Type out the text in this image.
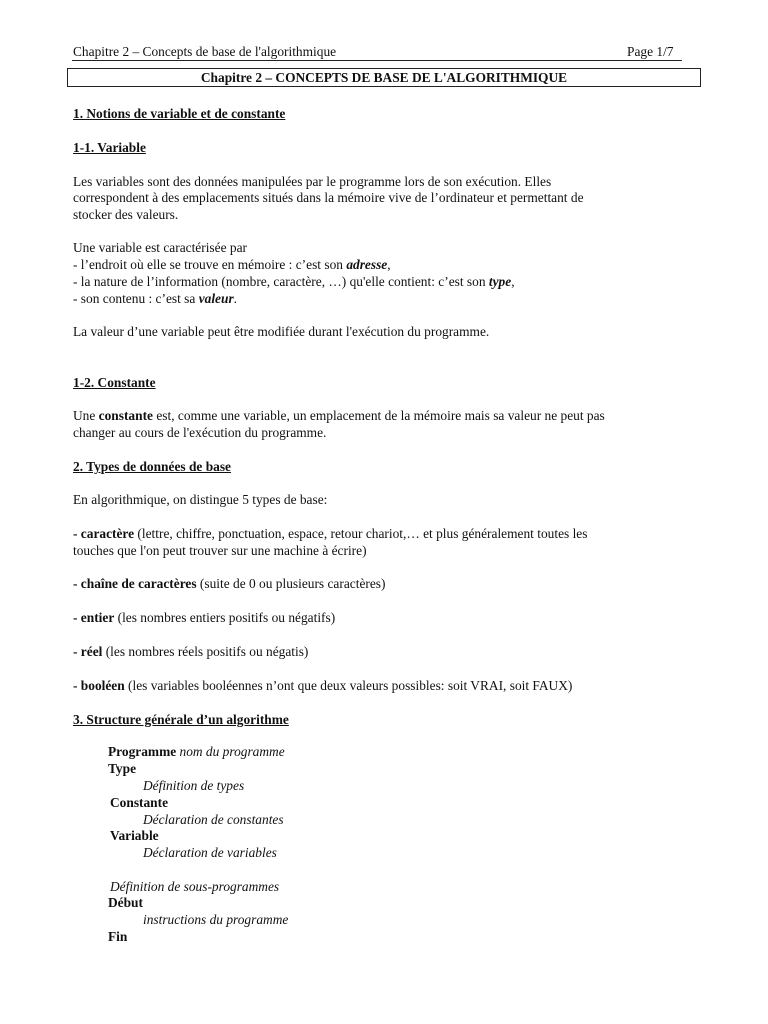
Chapitre 2 – Concepts de base de l'algorithmique	Page 1/7
Chapitre 2 – CONCEPTS DE BASE DE L'ALGORITHMIQUE
1. Notions de variable et de constante
1-1. Variable
Les variables sont des données manipulées par le programme lors de son exécution. Elles
correspondent à des emplacements situés dans la mémoire vive de l’ordinateur et permettant de
stocker des valeurs.
Une variable est caractérisée par
- l’endroit où elle se trouve en mémoire : c’est son adresse,
- la nature de l’information (nombre, caractère, …) qu'elle contient: c’est son type,
- son contenu : c’est sa valeur.
La valeur d’une variable peut être modifiée durant l'exécution du programme.
1-2. Constante
Une constante est, comme une variable, un emplacement de la mémoire mais sa valeur ne peut pas
changer au cours de l'exécution du programme.
2. Types de données de base
En algorithmique, on distingue 5 types de base:
- caractère (lettre, chiffre, ponctuation, espace, retour chariot,… et plus généralement toutes les
touches que l'on peut trouver sur une machine à écrire)
- chaîne de caractères (suite de 0 ou plusieurs caractères)
- entier (les nombres entiers positifs ou négatifs)
- réel (les nombres réels positifs ou négatis)
- booléen (les variables booléennes n’ont que deux valeurs possibles: soit VRAI, soit FAUX)
3. Structure générale d’un algorithme
Programme nom du programme
Type
Définition de types
Constante
Déclaration de constantes
Variable
Déclaration de variables
Définition de sous-programmes
Début
instructions du programme
Fin
